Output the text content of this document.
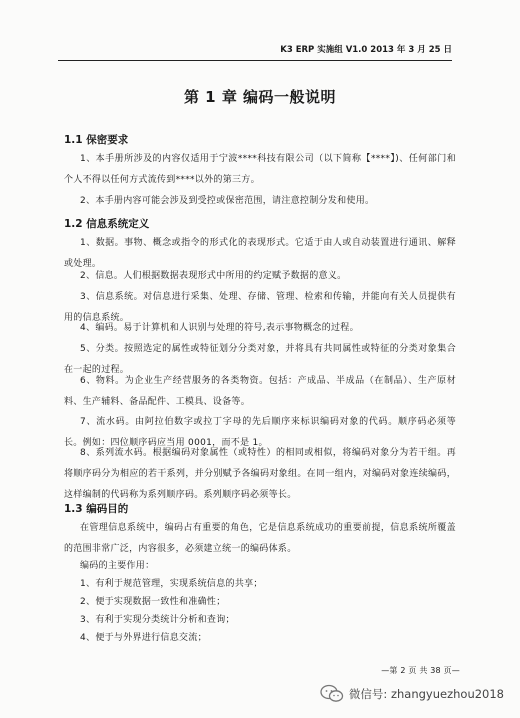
K3 ERP 实施组 V1.0 2013 年 3 月 25 日
第 1 章 编码一般说明
1.1 保密要求

1、本手册所涉及的内容仅适用于宁波****科技有限公司（以下简称【****】)、任何部门和个人不得以任何方式流传到****以外的第三方。

2、本手册内容可能会涉及到受控或保密范围，请注意控制分发和使用。

1.2 信息系统定义

1、数据。事物、概念或指令的形式化的表现形式。它适于由人或自动装置进行通讯、解释或处理。

2、信息。人们根据数据表现形式中所用的约定赋予数据的意义。

3、信息系统。对信息进行采集、处理、存储、管理、检索和传输，并能向有关人员提供有用的信息系统。

4、编码。易于计算机和人识别与处理的符号,表示事物概念的过程。

5、分类。按照选定的属性或特征划分分类对象，并将具有共同属性或特征的分类对象集合在一起的过程。

6、物料。为企业生产经营服务的各类物资。包括：产成品、半成品（在制品）、生产原材料、生产辅料、备品配件、工模具、设备等。

7、流水码。由阿拉伯数字或拉丁字母的先后顺序来标识编码对象的代码。顺序码必须等长。例如：四位顺序码应当用 0001，而不是 1。

8、系列流水码。根据编码对象属性（或特性）的相同或相似，将编码对象分为若干组。再将顺序码分为相应的若干系列，并分别赋予各编码对象组。在同一组内，对编码对象连续编码，这样编制的代码称为系列顺序码。系列顺序码必须等长。

1.3 编码目的

在管理信息系统中，编码占有重要的角色，它是信息系统成功的重要前提，信息系统所覆盖的范围非常广泛，内容很多，必须建立统一的编码体系。

编码的主要作用：
1、有利于规范管理，实现系统信息的共享；
2、便于实现数据一致性和准确性；
3、有利于实现分类统计分析和查询；
4、便于与外界进行信息交流；
—第 2 页 共 38 页—
微信号: zhangyuezhou2018
